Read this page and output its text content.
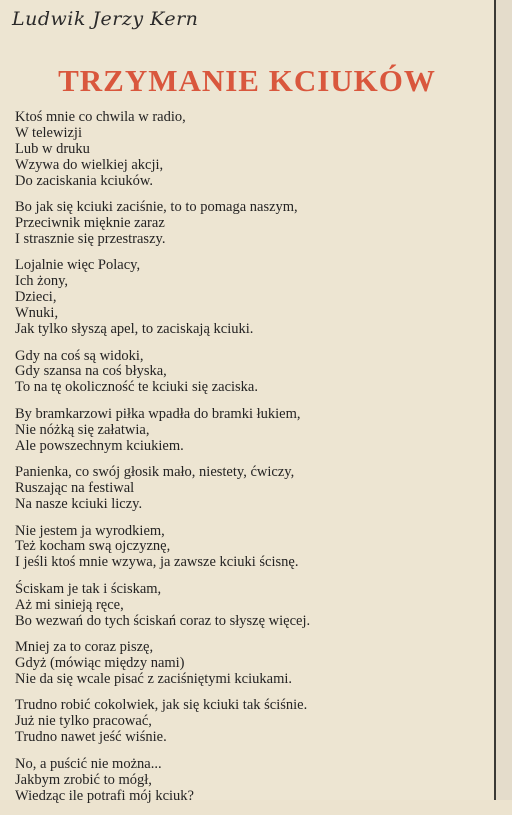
Ludwik Jerzy Kern
TRZYMANIE KCIUKÓW
Ktoś mnie co chwila w radio,
W telewizji
Lub w druku
Wzywa do wielkiej akcji,
Do zaciskania kciuków.
Bo jak się kciuki zaciśnie, to to pomaga naszym,
Przeciwnik mięknie zaraz
I strasznie się przestraszy.
Lojalnie więc Polacy,
Ich żony,
Dzieci,
Wnuki,
Jak tylko słyszą apel, to zaciskają kciuki.
Gdy na coś są widoki,
Gdy szansa na coś błyska,
To na tę okoliczność te kciuki się zaciska.
By bramkarzowi piłka wpadła do bramki łukiem,
Nie nóżką się załatwia,
Ale powszechnym kciukiem.
Panienka, co swój głosik mało, niestety, ćwiczy,
Ruszając na festiwal
Na nasze kciuki liczy.
Nie jestem ja wyrodkiem,
Też kocham swą ojczyznę,
I jeśli ktoś mnie wzywa, ja zawsze kciuki ścisnę.
Ściskam je tak i ściskam,
Aż mi sinieją ręce,
Bo wezwań do tych ściskań coraz to słyszę więcej.
Mniej za to coraz piszę,
Gdyż (mówiąc między nami)
Nie da się wcale pisać z zaciśniętymi kciukami.
Trudno robić cokolwiek, jak się kciuki tak ściśnie.
Już nie tylko pracować,
Trudno nawet jeść wiśnie.
No, a puścić nie można...
Jakbym zrobić to mógł,
Wiedząc ile potrafi mój kciuk?
